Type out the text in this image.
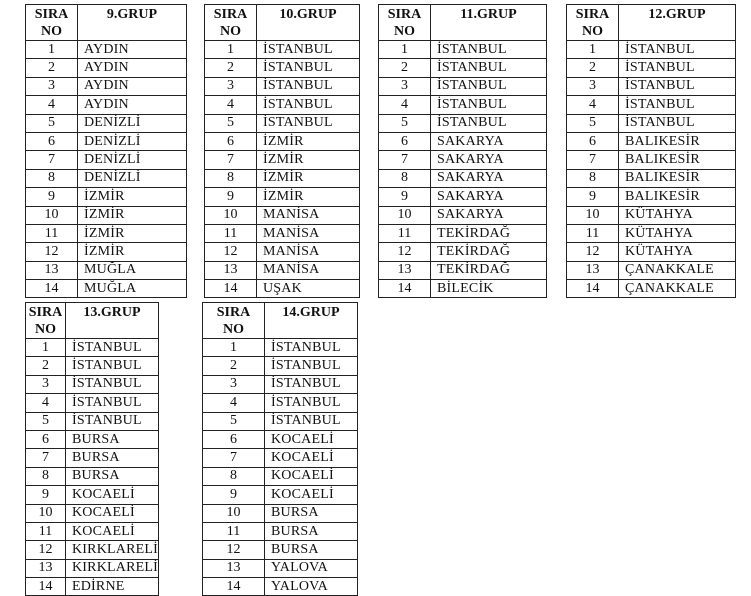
SIRA
NO	9.GRUP
1	AYDIN
2	AYDIN
3	AYDIN
4	AYDIN
5	DENİZLİ
6	DENİZLİ
7	DENİZLİ
8	DENİZLİ
9	İZMİR
10	İZMİR
11	İZMİR
12	İZMİR
13	MUĞLA
14	MUĞLA
SIRA
NO	10.GRUP
1	İSTANBUL
2	İSTANBUL
3	İSTANBUL
4	İSTANBUL
5	İSTANBUL
6	İZMİR
7	İZMİR
8	İZMİR
9	İZMİR
10	MANİSA
11	MANİSA
12	MANİSA
13	MANİSA
14	UŞAK
SIRA
NO	11.GRUP
1	İSTANBUL
2	İSTANBUL
3	İSTANBUL
4	İSTANBUL
5	İSTANBUL
6	SAKARYA
7	SAKARYA
8	SAKARYA
9	SAKARYA
10	SAKARYA
11	TEKİRDAĞ
12	TEKİRDAĞ
13	TEKİRDAĞ
14	BİLECİK
SIRA
NO	12.GRUP
1	İSTANBUL
2	İSTANBUL
3	İSTANBUL
4	İSTANBUL
5	İSTANBUL
6	BALIKESİR
7	BALIKESİR
8	BALIKESİR
9	BALIKESİR
10	KÜTAHYA
11	KÜTAHYA
12	KÜTAHYA
13	ÇANAKKALE
14	ÇANAKKALE
SIRA
NO	13.GRUP
1	İSTANBUL
2	İSTANBUL
3	İSTANBUL
4	İSTANBUL
5	İSTANBUL
6	BURSA
7	BURSA
8	BURSA
9	KOCAELİ
10	KOCAELİ
11	KOCAELİ
12	KIRKLARELİ
13	KIRKLARELİ
14	EDİRNE
SIRA
NO	14.GRUP
1	İSTANBUL
2	İSTANBUL
3	İSTANBUL
4	İSTANBUL
5	İSTANBUL
6	KOCAELİ
7	KOCAELİ
8	KOCAELİ
9	KOCAELİ
10	BURSA
11	BURSA
12	BURSA
13	YALOVA
14	YALOVA
